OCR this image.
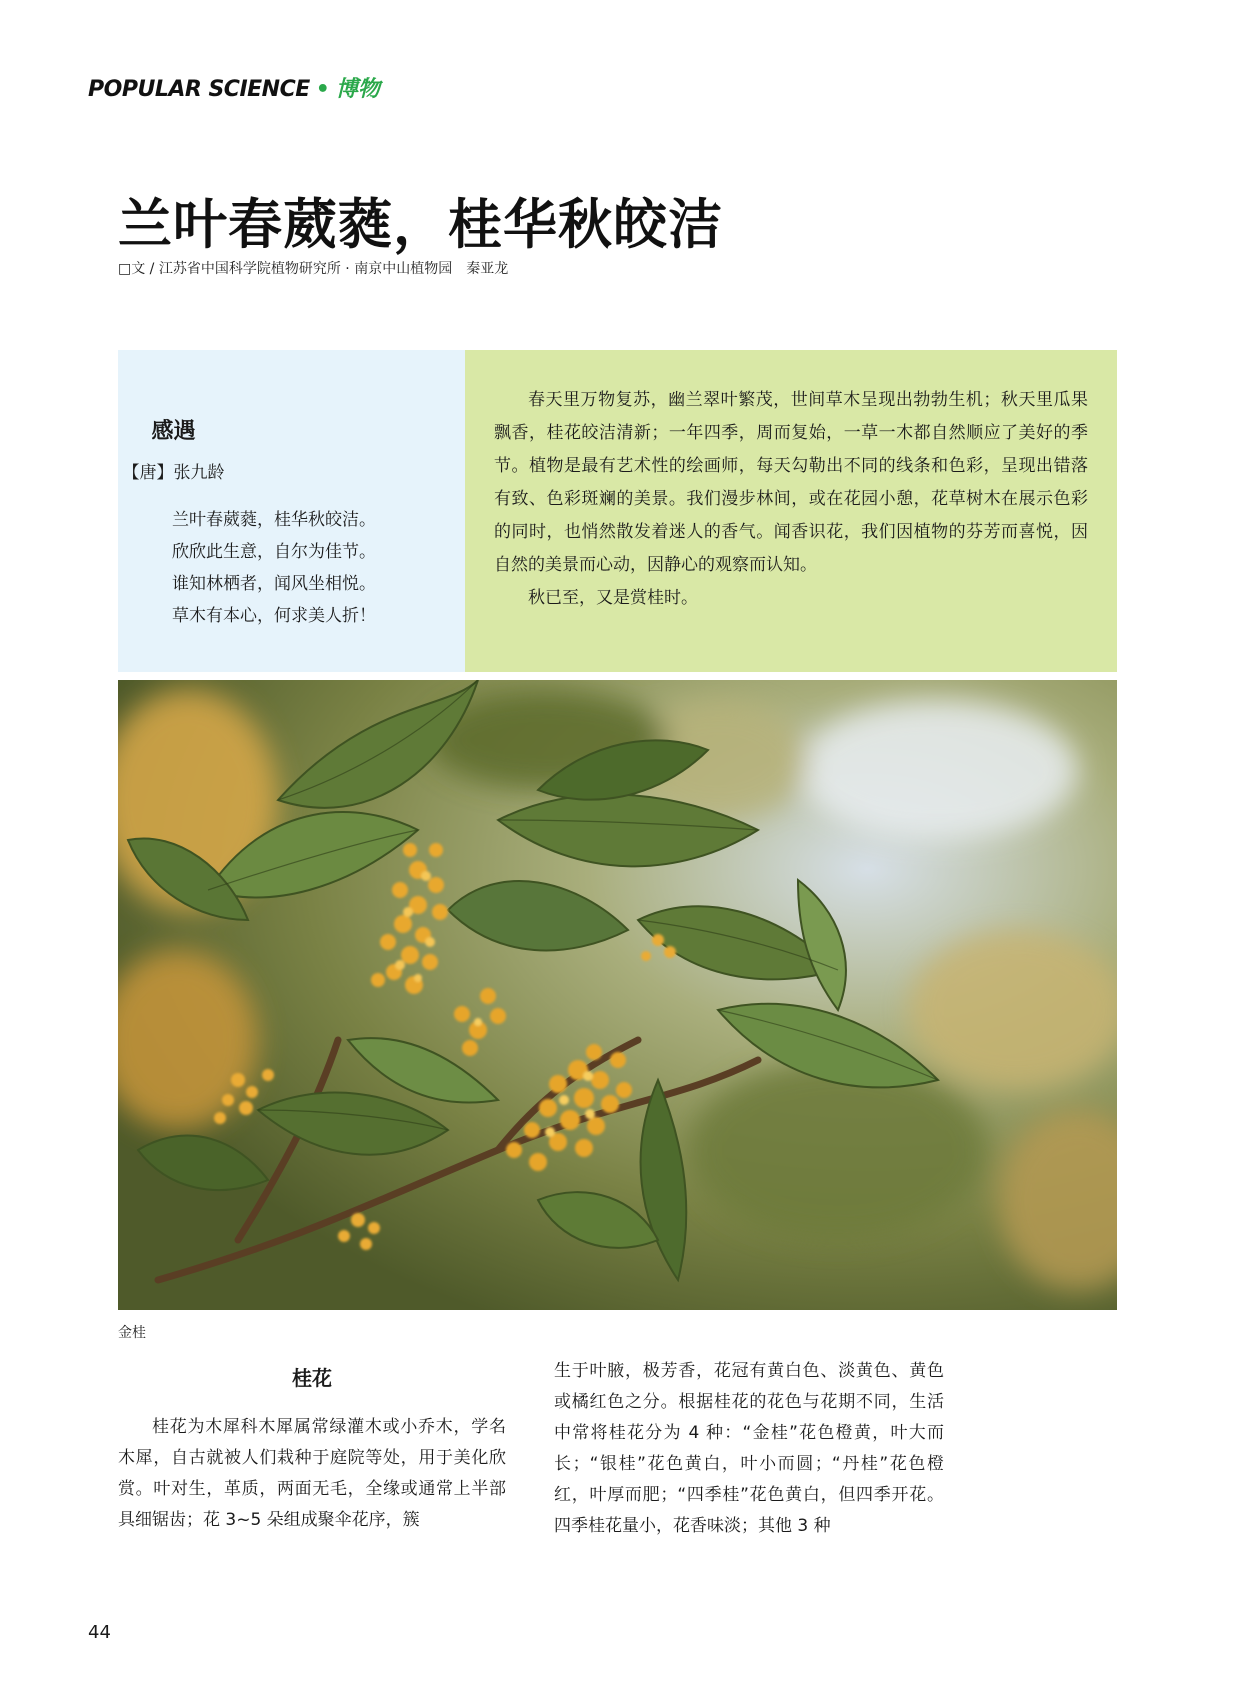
POPULAR SCIENCE • 博物
兰叶春葳蕤，桂华秋皎洁
□文 / 江苏省中国科学院植物研究所 · 南京中山植物园　秦亚龙
感遇
【唐】张九龄
兰叶春葳蕤，桂华秋皎洁。
欣欣此生意，自尔为佳节。
谁知林栖者，闻风坐相悦。
草木有本心，何求美人折！

春天里万物复苏，幽兰翠叶繁茂，世间草木呈现出勃勃生机；秋天里瓜果飘香，桂花皎洁清新；一年四季，周而复始，一草一木都自然顺应了美好的季节。植物是最有艺术性的绘画师，每天勾勒出不同的线条和色彩，呈现出错落有致、色彩斑斓的美景。我们漫步林间，或在花园小憩，花草树木在展示色彩的同时，也悄然散发着迷人的香气。闻香识花，我们因植物的芬芳而喜悦，因自然的美景而心动，因静心的观察而认知。

秋已至，又是赏桂时。

金桂
桂花

桂花为木犀科木犀属常绿灌木或小乔木，学名木犀，自古就被人们栽种于庭院等处，用于美化欣赏。叶对生，革质，两面无毛，全缘或通常上半部具细锯齿；花 3~5 朵组成聚伞花序，簇

生于叶腋，极芳香，花冠有黄白色、淡黄色、黄色或橘红色之分。根据桂花的花色与花期不同，生活中常将桂花分为 4 种：“金桂”花色橙黄，叶大而长；“银桂”花色黄白，叶小而圆；“丹桂”花色橙红，叶厚而肥；“四季桂”花色黄白，但四季开花。四季桂花量小，花香味淡；其他 3 种

44
